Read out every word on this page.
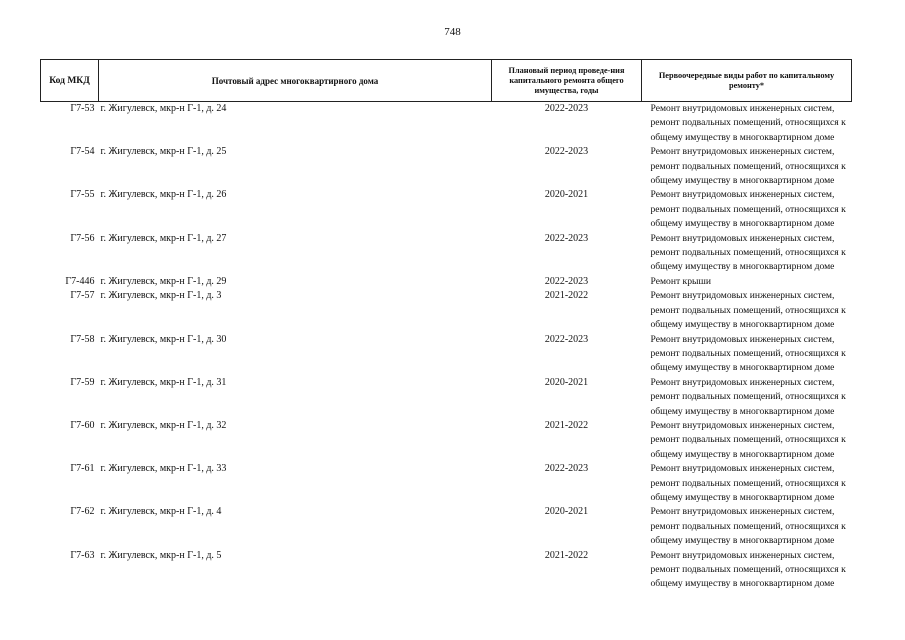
748
Код МКД	Почтовый адрес многоквартирного дома	Плановый период проведе-ния капитального ремонта общего имущества, годы	Первоочередные виды работ по капитальному ремонту*
Г7-53	г. Жигулевск, мкр-н Г-1, д. 24	2022-2023	Ремонт внутридомовых инженерных систем,
ремонт подвальных помещений, относящихся к
общему имуществу в многоквартирном доме

Г7-54	г. Жигулевск, мкр-н Г-1, д. 25	2022-2023	Ремонт внутридомовых инженерных систем,
ремонт подвальных помещений, относящихся к
общему имуществу в многоквартирном доме

Г7-55	г. Жигулевск, мкр-н Г-1, д. 26	2020-2021	Ремонт внутридомовых инженерных систем,
ремонт подвальных помещений, относящихся к
общему имуществу в многоквартирном доме

Г7-56	г. Жигулевск, мкр-н Г-1, д. 27	2022-2023	Ремонт внутридомовых инженерных систем,
ремонт подвальных помещений, относящихся к
общему имуществу в многоквартирном доме

Г7-446	г. Жигулевск, мкр-н Г-1, д. 29	2022-2023	Ремонт крыши

Г7-57	г. Жигулевск, мкр-н Г-1, д. 3	2021-2022	Ремонт внутридомовых инженерных систем,
ремонт подвальных помещений, относящихся к
общему имуществу в многоквартирном доме

Г7-58	г. Жигулевск, мкр-н Г-1, д. 30	2022-2023	Ремонт внутридомовых инженерных систем,
ремонт подвальных помещений, относящихся к
общему имуществу в многоквартирном доме

Г7-59	г. Жигулевск, мкр-н Г-1, д. 31	2020-2021	Ремонт внутридомовых инженерных систем,
ремонт подвальных помещений, относящихся к
общему имуществу в многоквартирном доме

Г7-60	г. Жигулевск, мкр-н Г-1, д. 32	2021-2022	Ремонт внутридомовых инженерных систем,
ремонт подвальных помещений, относящихся к
общему имуществу в многоквартирном доме

Г7-61	г. Жигулевск, мкр-н Г-1, д. 33	2022-2023	Ремонт внутридомовых инженерных систем,
ремонт подвальных помещений, относящихся к
общему имуществу в многоквартирном доме

Г7-62	г. Жигулевск, мкр-н Г-1, д. 4	2020-2021	Ремонт внутридомовых инженерных систем,
ремонт подвальных помещений, относящихся к
общему имуществу в многоквартирном доме

Г7-63	г. Жигулевск, мкр-н Г-1, д. 5	2021-2022	Ремонт внутридомовых инженерных систем,
ремонт подвальных помещений, относящихся к
общему имуществу в многоквартирном доме
